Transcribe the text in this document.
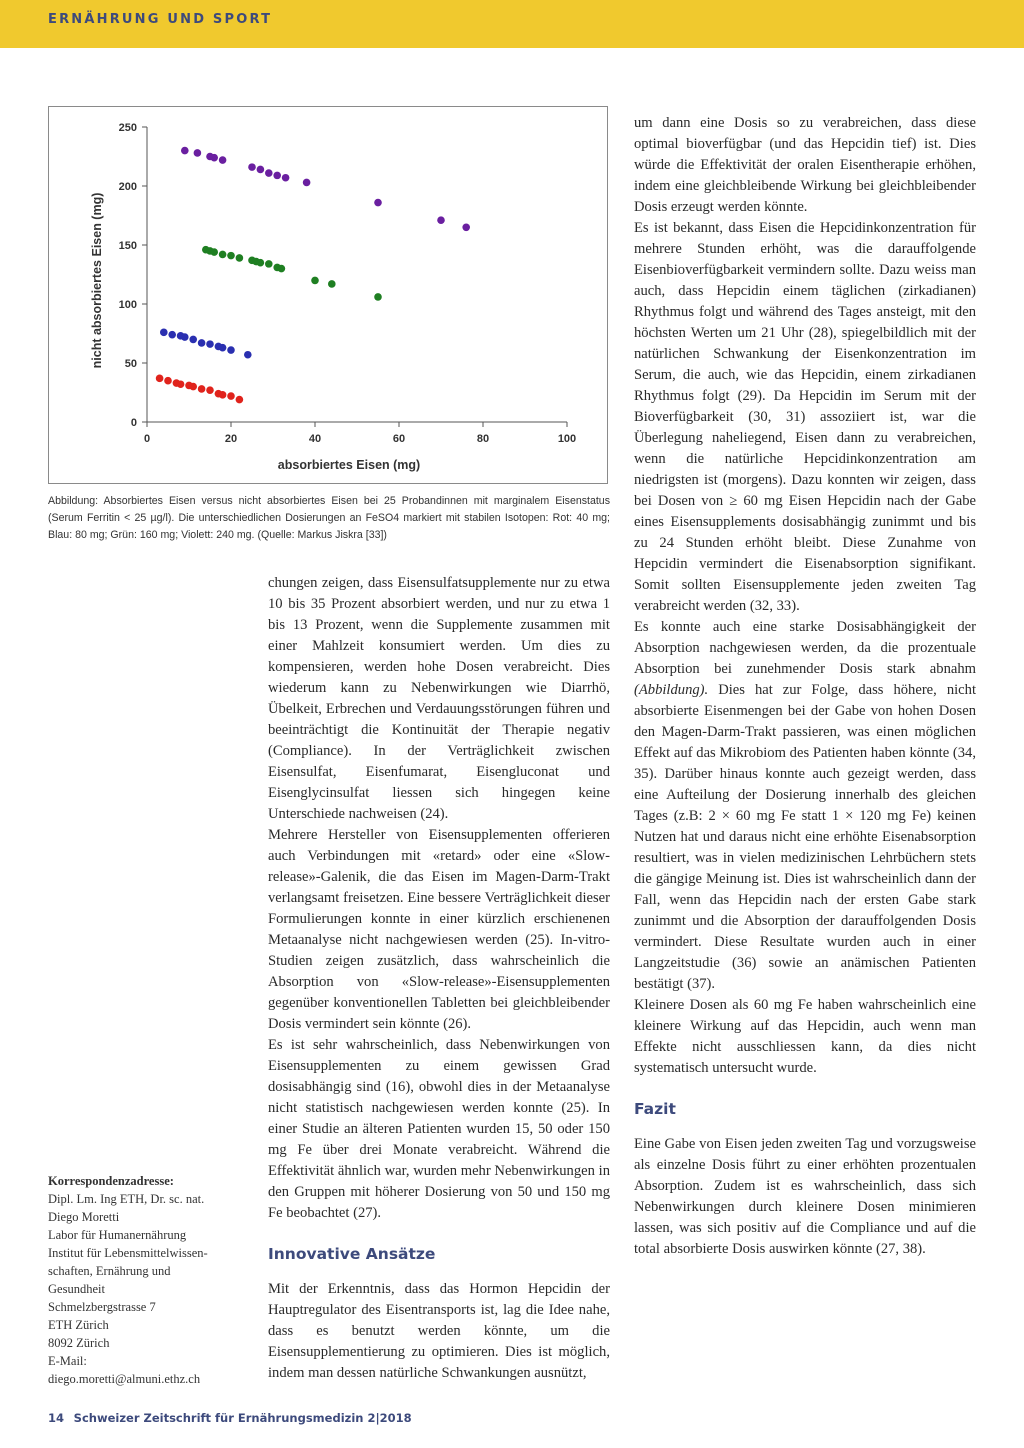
ERNÄHRUNG UND SPORT
0
50
100
150
200
250
0	20	40	60	80	100
absorbiertes Eisen (mg)
nicht absorbiertes Eisen (mg)
Abbildung: Absorbiertes Eisen versus nicht absorbiertes Eisen bei 25 Probandinnen mit marginalem Eisenstatus (Serum Ferritin < 25 µg/l). Die unterschiedlichen Dosierungen an FeSO4 markiert mit stabilen Isotopen: Rot: 40 mg; Blau: 80 mg; Grün: 160 mg; Violett: 240 mg. (Quelle: Markus Jiskra [33])

chungen zeigen, dass Eisensulfatsupplemente nur zu etwa 10 bis 35 Prozent absorbiert werden, und nur zu etwa 1 bis 13 Prozent, wenn die Supplemente zusammen mit einer Mahlzeit konsumiert werden. Um dies zu kompensieren, werden hohe Dosen verabreicht. Dies wiederum kann zu Nebenwirkungen wie Diarrhö, Übelkeit, Erbrechen und Verdauungsstörungen führen und beeinträchtigt die Kontinuität der Therapie negativ (Compliance). In der Verträglichkeit zwischen Eisensulfat, Eisenfumarat, Eisengluconat und Eisenglycinsulfat liessen sich hingegen keine Unterschiede nachweisen (24).

Mehrere Hersteller von Eisensupplementen offerieren auch Verbindungen mit «retard» oder eine «Slow-release»-Galenik, die das Eisen im Magen-Darm-Trakt verlangsamt freisetzen. Eine bessere Verträglichkeit dieser Formulierungen konnte in einer kürzlich erschienenen Metaanalyse nicht nachgewiesen werden (25). In-vitro-Studien zeigen zusätzlich, dass wahrscheinlich die Absorption von «Slow-release»-Eisensupplementen gegenüber konventionellen Tabletten bei gleichbleibender Dosis vermindert sein könnte (26).

Es ist sehr wahrscheinlich, dass Nebenwirkungen von Eisensupplementen zu einem gewissen Grad dosisabhängig sind (16), obwohl dies in der Metaanalyse nicht statistisch nachgewiesen werden konnte (25). In einer Studie an älteren Patienten wurden 15, 50 oder 150 mg Fe über drei Monate verabreicht. Während die Effektivität ähnlich war, wurden mehr Nebenwirkungen in den Gruppen mit höherer Dosierung von 50 und 150 mg Fe beobachtet (27).

Innovative Ansätze

Mit der Erkenntnis, dass das Hormon Hepcidin der Hauptregulator des Eisentransports ist, lag die Idee nahe, dass es benutzt werden könnte, um die Eisensupplementierung zu optimieren. Dies ist möglich, indem man dessen natürliche Schwankungen ausnützt,

um dann eine Dosis so zu verabreichen, dass diese optimal bioverfügbar (und das Hepcidin tief) ist. Dies würde die Effektivität der oralen Eisentherapie erhöhen, indem eine gleichbleibende Wirkung bei gleichbleibender Dosis erzeugt werden könnte.

Es ist bekannt, dass Eisen die Hepcidinkonzentration für mehrere Stunden erhöht, was die darauffolgende Eisenbioverfügbarkeit vermindern sollte. Dazu weiss man auch, dass Hepcidin einem täglichen (zirkadianen) Rhythmus folgt und während des Tages ansteigt, mit den höchsten Werten um 21 Uhr (28), spiegelbildlich mit der natürlichen Schwankung der Eisenkonzentration im Serum, die auch, wie das Hepcidin, einem zirkadianen Rhythmus folgt (29). Da Hepcidin im Serum mit der Bioverfügbarkeit (30, 31) assoziiert ist, war die Überlegung naheliegend, Eisen dann zu verabreichen, wenn die natürliche Hepcidinkonzentration am niedrigsten ist (morgens). Dazu konnten wir zeigen, dass bei Dosen von ≥ 60 mg Eisen Hepcidin nach der Gabe eines Eisensupplements dosisabhängig zunimmt und bis zu 24 Stunden erhöht bleibt. Diese Zunahme von Hepcidin vermindert die Eisenabsorption signifikant. Somit sollten Eisensupplemente jeden zweiten Tag verabreicht werden (32, 33).

Es konnte auch eine starke Dosisabhängigkeit der Absorption nachgewiesen werden, da die prozentuale Absorption bei zunehmender Dosis stark abnahm (Abbildung). Dies hat zur Folge, dass höhere, nicht absorbierte Eisenmengen bei der Gabe von hohen Dosen den Magen-Darm-Trakt passieren, was einen möglichen Effekt auf das Mikrobiom des Patienten haben könnte (34, 35). Darüber hinaus konnte auch gezeigt werden, dass eine Aufteilung der Dosierung innerhalb des gleichen Tages (z.B: 2 × 60 mg Fe statt 1 × 120 mg Fe) keinen Nutzen hat und daraus nicht eine erhöhte Eisenabsorption resultiert, was in vielen medizinischen Lehrbüchern stets die gängige Meinung ist. Dies ist wahrscheinlich dann der Fall, wenn das Hepcidin nach der ersten Gabe stark zunimmt und die Absorption der darauffolgenden Dosis vermindert. Diese Resultate wurden auch in einer Langzeitstudie (36) sowie an anämischen Patienten bestätigt (37).

Kleinere Dosen als 60 mg Fe haben wahrscheinlich eine kleinere Wirkung auf das Hepcidin, auch wenn man Effekte nicht ausschliessen kann, da dies nicht systematisch untersucht wurde.

Fazit

Eine Gabe von Eisen jeden zweiten Tag und vorzugsweise als einzelne Dosis führt zu einer erhöhten prozentualen Absorption. Zudem ist es wahrscheinlich, dass sich Nebenwirkungen durch kleinere Dosen minimieren lassen, was sich positiv auf die Compliance und auf die total absorbierte Dosis auswirken könnte (27, 38).

Korrespondenzadresse:
Dipl. Lm. Ing ETH, Dr. sc. nat.
Diego Moretti
Labor für Humanernährung
Institut für Lebensmittelwissen-
schaften, Ernährung und
Gesundheit
Schmelzbergstrasse 7
ETH Zürich
8092 Zürich
E-Mail:
diego.moretti@almuni.ethz.ch
14 Schweizer Zeitschrift für Ernährungsmedizin 2|2018
